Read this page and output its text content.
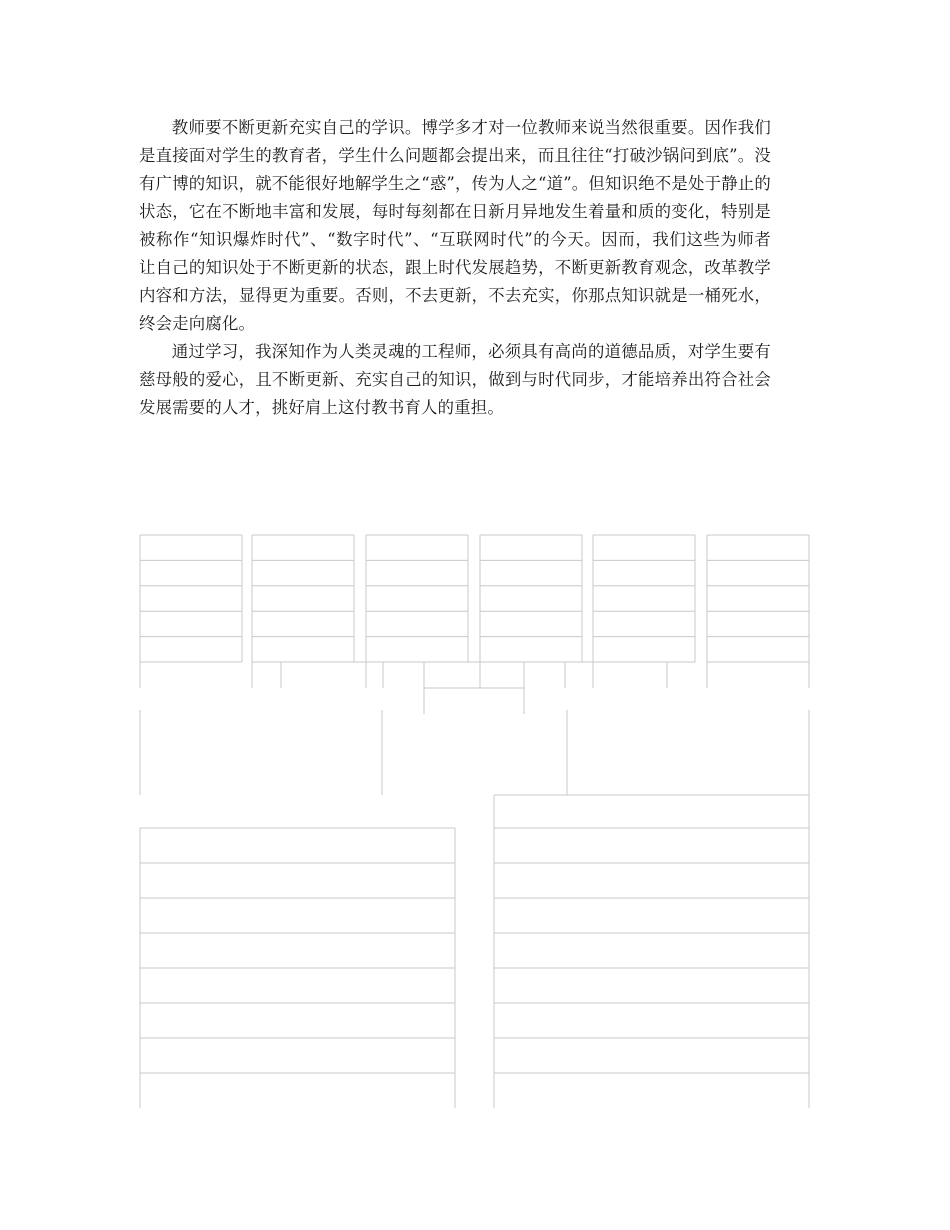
教师要不断更新充实自己的学识。博学多才对一位教师来说当然很重要。因作我们是直接面对学生的教育者，学生什么问题都会提出来，而且往往“打破沙锅问到底”。没有广博的知识，就不能很好地解学生之“惑”，传为人之“道”。但知识绝不是处于静止的状态，它在不断地丰富和发展，每时每刻都在日新月异地发生着量和质的变化，特别是被称作“知识爆炸时代”、“数字时代”、“互联网时代”的今天。因而，我们这些为师者让自己的知识处于不断更新的状态，跟上时代发展趋势，不断更新教育观念，改革教学内容和方法，显得更为重要。否则，不去更新，不去充实，你那点知识就是一桶死水，终会走向腐化。

通过学习，我深知作为人类灵魂的工程师，必须具有高尚的道德品质，对学生要有慈母般的爱心，且不断更新、充实自己的知识，做到与时代同步，才能培养出符合社会发展需要的人才，挑好肩上这付教书育人的重担。
